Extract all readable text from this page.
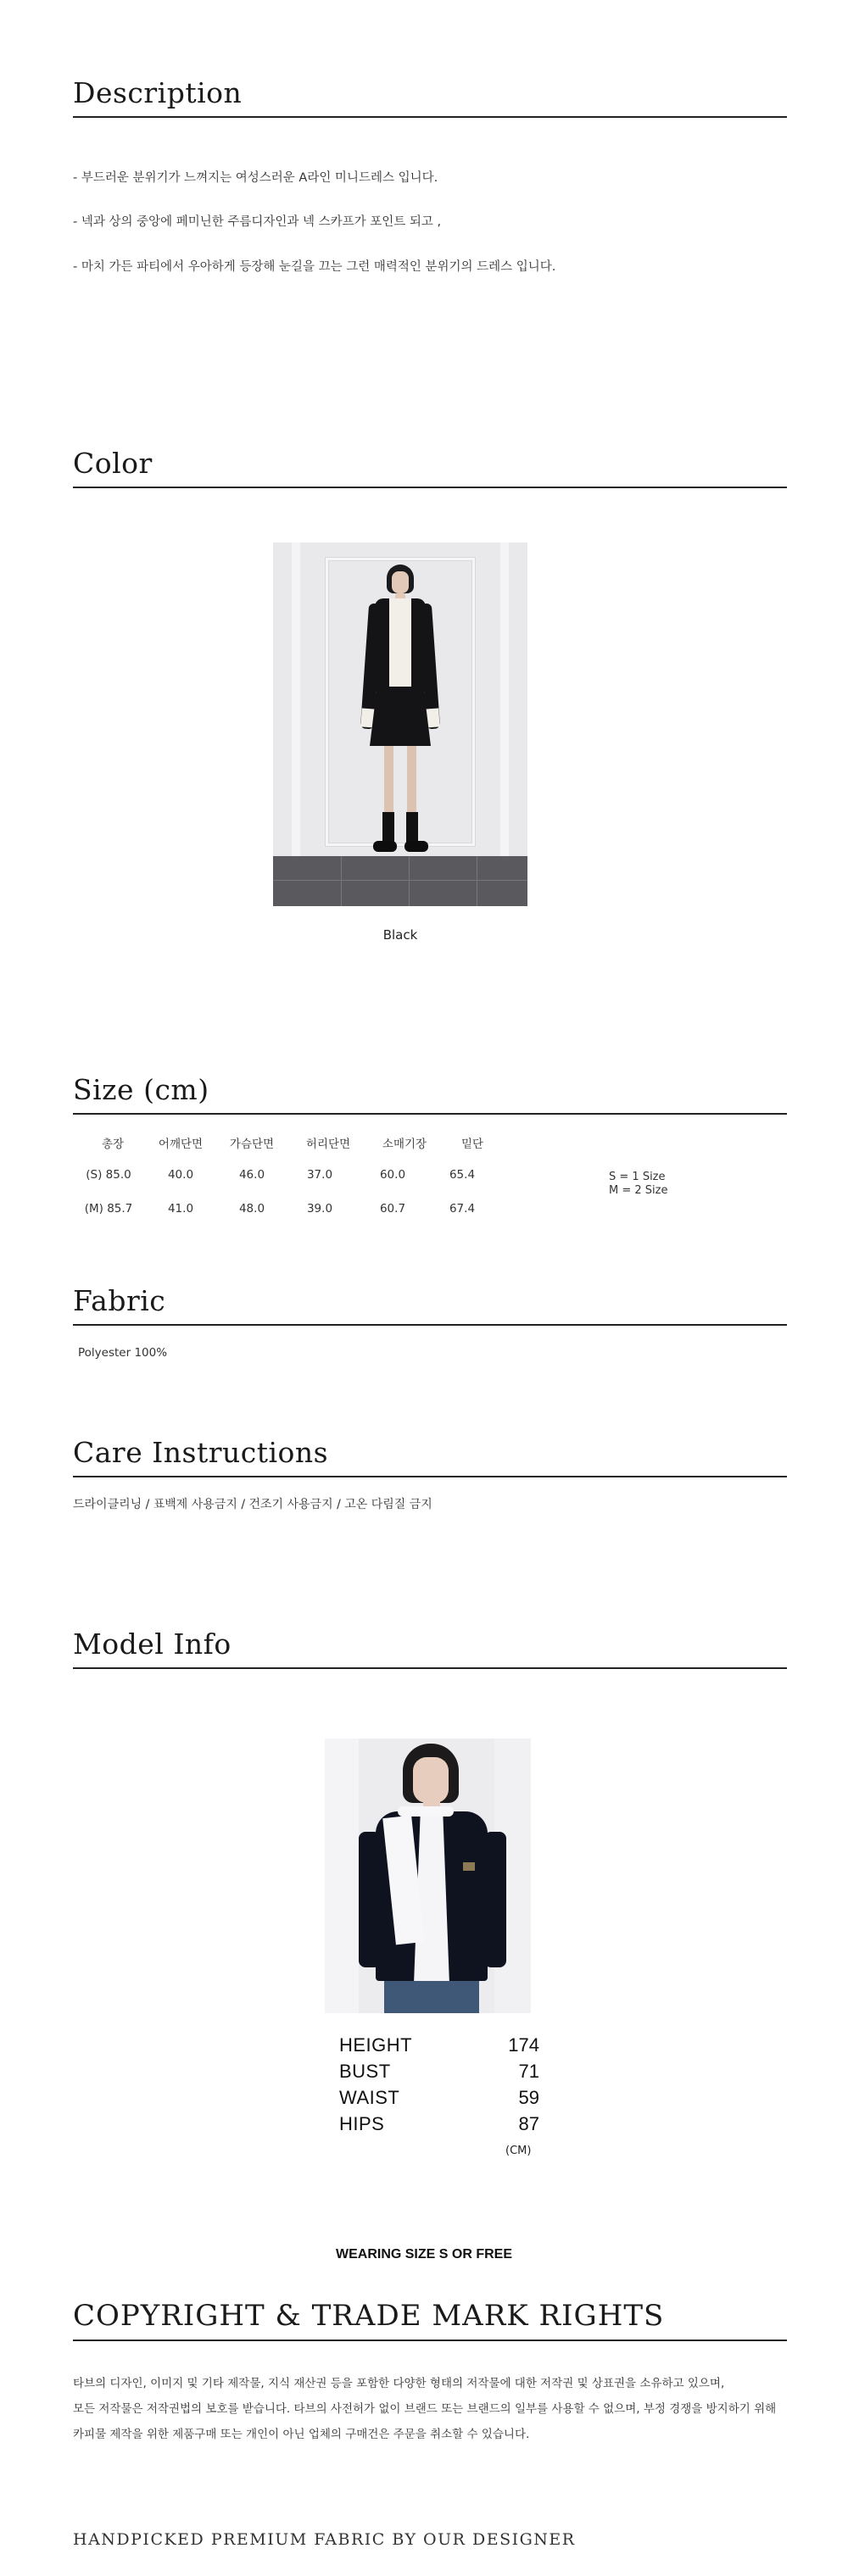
Description
- 부드러운 분위기가 느껴지는 여성스러운 A라인 미니드레스 입니다.
- 넥과 상의 중앙에 페미닌한 주름디자인과 넥 스카프가 포인트 되고 ,
- 마치 가든 파티에서 우아하게 등장해 눈길을 끄는 그런 매력적인 분위기의 드레스 입니다.
Color
Black
Size (cm)
총장	어깨단면	가슴단면	허리단면	소매기장	밑단
(S) 85.0	40.0	46.0	37.0	60.0	65.4
(M) 85.7	41.0	48.0	39.0	60.7	67.4
S = 1 Size
M = 2 Size
Fabric
Polyester 100%
Care Instructions
드라이클리닝 / 표백제 사용금지 / 건조기 사용금지 / 고온 다림질 금지
Model Info
HEIGHT	174
BUST	71
WAIST	59
HIPS	87
(CM)
WEARING SIZE S OR FREE
COPYRIGHT & TRADE MARK RIGHTS
타브의 디자인, 이미지 및 기타 제작물, 지식 재산권 등을 포함한 다양한 형태의 저작물에 대한 저작권 및 상표권을 소유하고 있으며,
모든 저작물은 저작권법의 보호를 받습니다. 타브의 사전허가 없이 브랜드 또는 브랜드의 일부를 사용할 수 없으며, 부정 경쟁을 방지하기 위해
카피물 제작을 위한 제품구매 또는 개인이 아닌 업체의 구매건은 주문을 취소할 수 있습니다.
HANDPICKED PREMIUM FABRIC BY OUR DESIGNER
